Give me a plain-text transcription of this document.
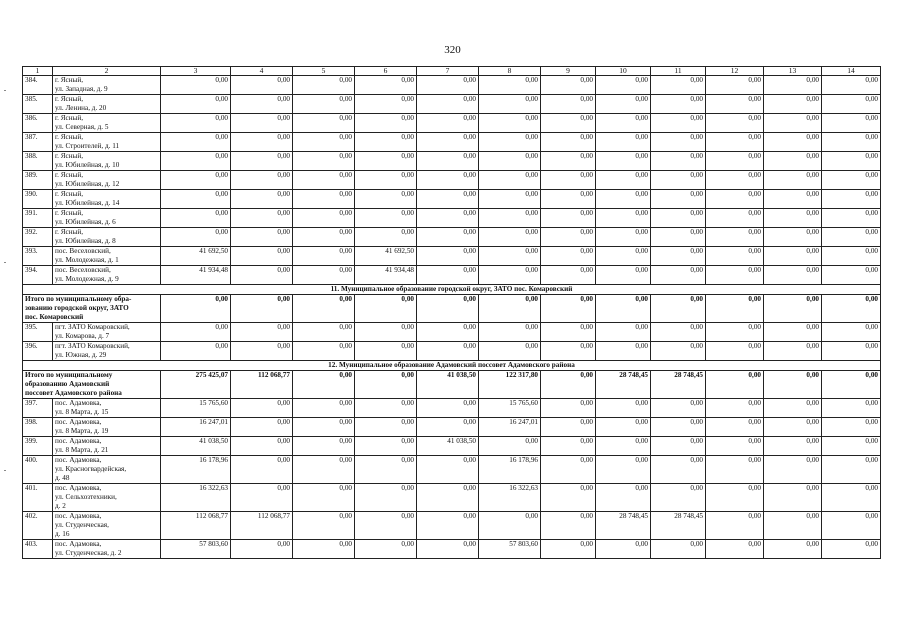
320
1	2	3	4	5	6	7	8	9	10	11	12	13	14
384.	г. Ясный,
ул. Западная, д. 9	0,00	0,00	0,00	0,00	0,00	0,00	0,00	0,00	0,00	0,00	0,00	0,00
385.	г. Ясный,
ул. Ленина, д. 20	0,00	0,00	0,00	0,00	0,00	0,00	0,00	0,00	0,00	0,00	0,00	0,00
386.	г. Ясный,
ул. Северная, д. 5	0,00	0,00	0,00	0,00	0,00	0,00	0,00	0,00	0,00	0,00	0,00	0,00
387.	г. Ясный,
ул. Строителей, д. 11	0,00	0,00	0,00	0,00	0,00	0,00	0,00	0,00	0,00	0,00	0,00	0,00
388.	г. Ясный,
ул. Юбилейная, д. 10	0,00	0,00	0,00	0,00	0,00	0,00	0,00	0,00	0,00	0,00	0,00	0,00
389.	г. Ясный,
ул. Юбилейная, д. 12	0,00	0,00	0,00	0,00	0,00	0,00	0,00	0,00	0,00	0,00	0,00	0,00
390.	г. Ясный,
ул. Юбилейная, д. 14	0,00	0,00	0,00	0,00	0,00	0,00	0,00	0,00	0,00	0,00	0,00	0,00
391.	г. Ясный,
ул. Юбилейная, д. 6	0,00	0,00	0,00	0,00	0,00	0,00	0,00	0,00	0,00	0,00	0,00	0,00
392.	г. Ясный,
ул. Юбилейная, д. 8	0,00	0,00	0,00	0,00	0,00	0,00	0,00	0,00	0,00	0,00	0,00	0,00
393.	пос. Веселовский,
ул. Молодежная, д. 1	41 692,50	0,00	0,00	41 692,50	0,00	0,00	0,00	0,00	0,00	0,00	0,00	0,00
394.	пос. Веселовский,
ул. Молодежная, д. 9	41 934,48	0,00	0,00	41 934,48	0,00	0,00	0,00	0,00	0,00	0,00	0,00	0,00
11. Муниципальное образование городской округ, ЗАТО пос. Комаровский													
Итого по муниципальному обра-
зованию городской округ, ЗАТО
пос. Комаровский		0,00	0,00	0,00	0,00	0,00	0,00	0,00	0,00	0,00	0,00	0,00	0,00
395.	пгт. ЗАТО Комаровский,
ул. Комарова, д. 7	0,00	0,00	0,00	0,00	0,00	0,00	0,00	0,00	0,00	0,00	0,00	0,00
396.	пгт. ЗАТО Комаровский,
ул. Южная, д. 29	0,00	0,00	0,00	0,00	0,00	0,00	0,00	0,00	0,00	0,00	0,00	0,00
12. Муниципальное образование Адамовский поссовет Адамовского района													
Итого по муниципальному
образованию Адамовский
поссовет Адамовского района		275 425,07	112 068,77	0,00	0,00	41 038,50	122 317,80	0,00	28 748,45	28 748,45	0,00	0,00	0,00
397.	пос. Адамовка,
ул. 8 Марта, д. 15	15 765,60	0,00	0,00	0,00	0,00	15 765,60	0,00	0,00	0,00	0,00	0,00	0,00
398.	пос. Адамовка,
ул. 8 Марта, д. 19	16 247,01	0,00	0,00	0,00	0,00	16 247,01	0,00	0,00	0,00	0,00	0,00	0,00
399.	пос. Адамовка,
ул. 8 Марта, д. 21	41 038,50	0,00	0,00	0,00	41 038,50	0,00	0,00	0,00	0,00	0,00	0,00	0,00
400.	пос. Адамовка,
ул. Красногвардейская,
д. 48	16 178,96	0,00	0,00	0,00	0,00	16 178,96	0,00	0,00	0,00	0,00	0,00	0,00
401.	пос. Адамовка,
ул. Сельхозтехники,
д. 2	16 322,63	0,00	0,00	0,00	0,00	16 322,63	0,00	0,00	0,00	0,00	0,00	0,00
402.	пос. Адамовка,
ул. Студенческая,
д. 16	112 068,77	112 068,77	0,00	0,00	0,00	0,00	0,00	28 748,45	28 748,45	0,00	0,00	0,00
403.	пос. Адамовка,
ул. Студенческая, д. 2	57 803,60	0,00	0,00	0,00	0,00	57 803,60	0,00	0,00	0,00	0,00	0,00	0,00
